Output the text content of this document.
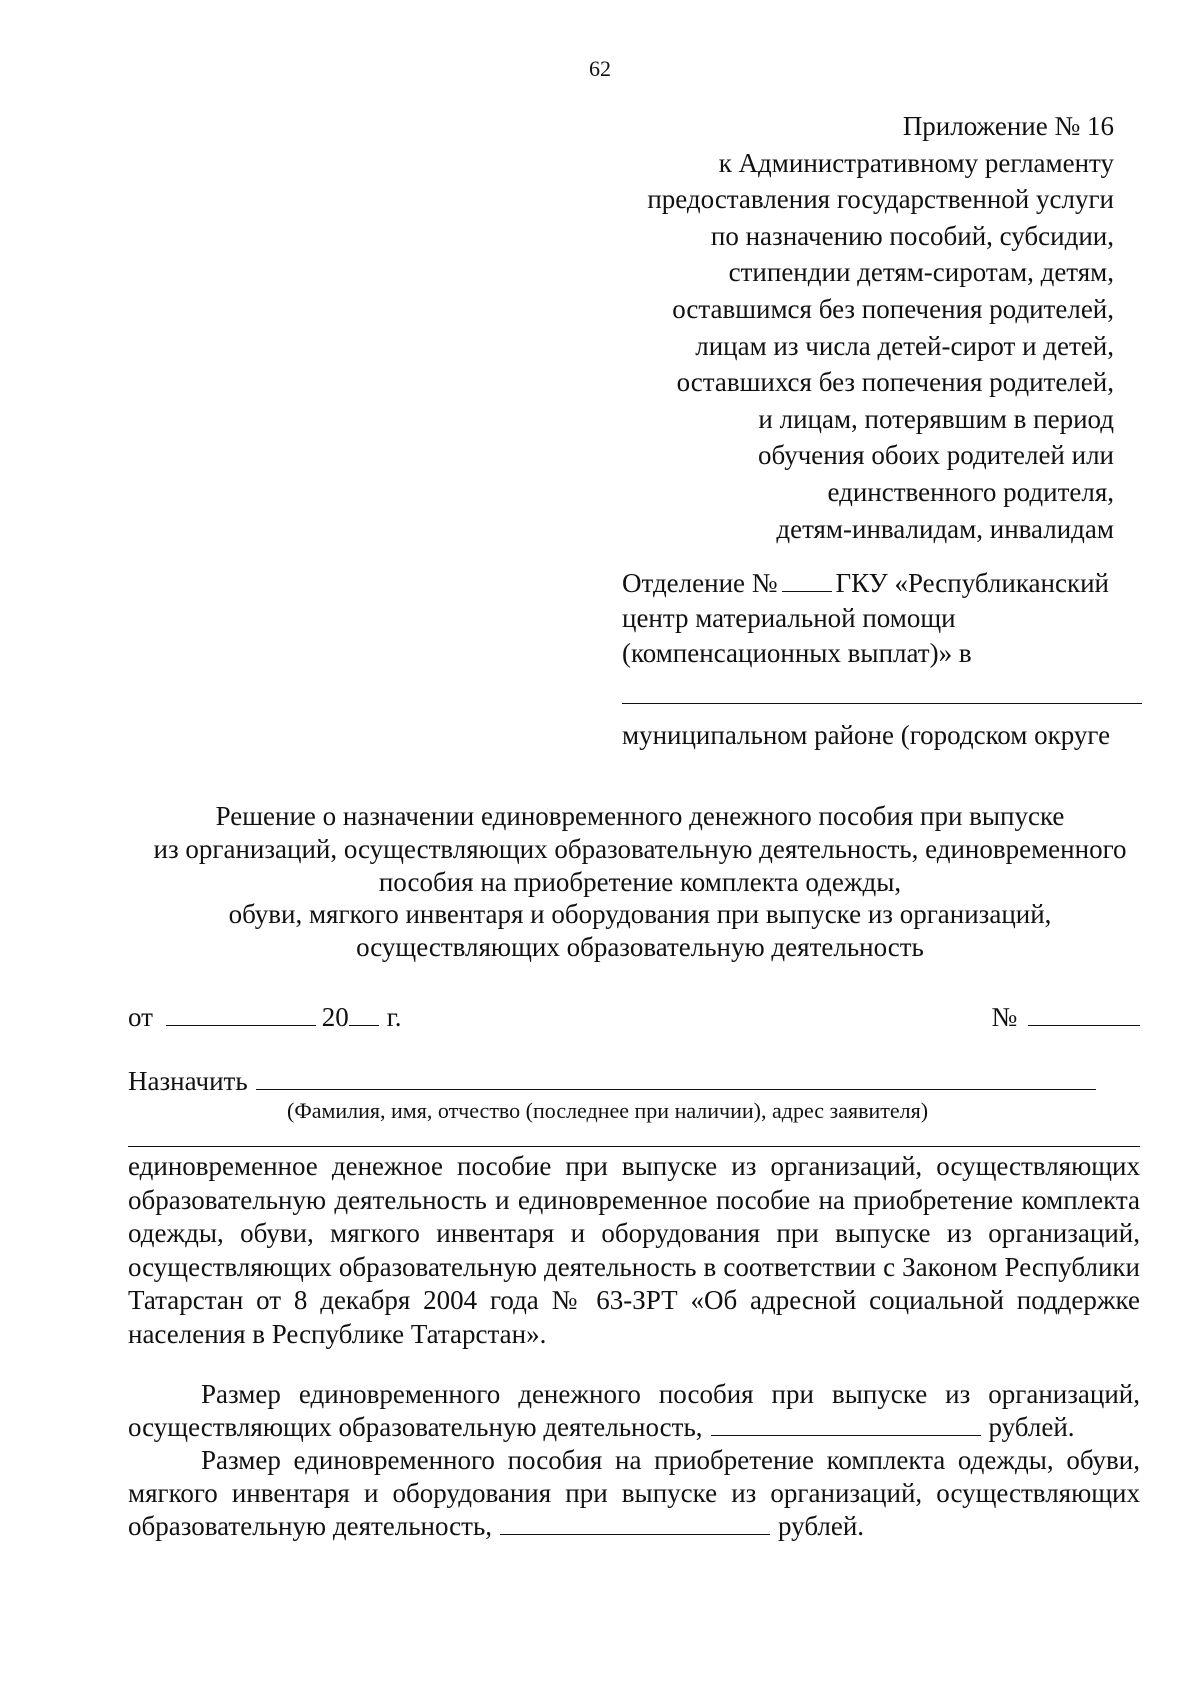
62
Приложение № 16
к Административному регламенту
предоставления государственной услуги
по назначению пособий, субсидии,
стипендии детям-сиротам, детям,
оставшимся без попечения родителей,
лицам из числа детей-сирот и детей,
оставшихся без попечения родителей,
и лицам, потерявшим в период
обучения обоих родителей или
единственного родителя,
детям-инвалидам, инвалидам
Отделение № ГКУ «Республиканский
центр материальной помощи
(компенсационных выплат)» в
муниципальном районе (городском округе
Решение о назначении единовременного денежного пособия при выпуске
из организаций, осуществляющих образовательную деятельность, единовременного
пособия на приобретение комплекта одежды,
обуви, мягкого инвентаря и оборудования при выпуске из организаций,
осуществляющих образовательную деятельность
от	20 г.	№
Назначить
(Фамилия, имя, отчество (последнее при наличии), адрес заявителя)
единовременное денежное пособие при выпуске из организаций, осуществляющих образовательную деятельность и единовременное пособие на приобретение комплекта одежды, обуви, мягкого инвентаря и оборудования при выпуске из организаций, осуществляющих образовательную деятельность в соответствии с Законом Республики Татарстан от 8 декабря 2004 года № 63-ЗРТ «Об адресной социальной поддержке населения в Республике Татарстан».

Размер единовременного денежного пособия при выпуске из организаций, осуществляющих образовательную деятельность,	рублей.

Размер единовременного пособия на приобретение комплекта одежды, обуви, мягкого инвентаря и оборудования при выпуске из организаций, осуществляющих образовательную деятельность,	рублей.
